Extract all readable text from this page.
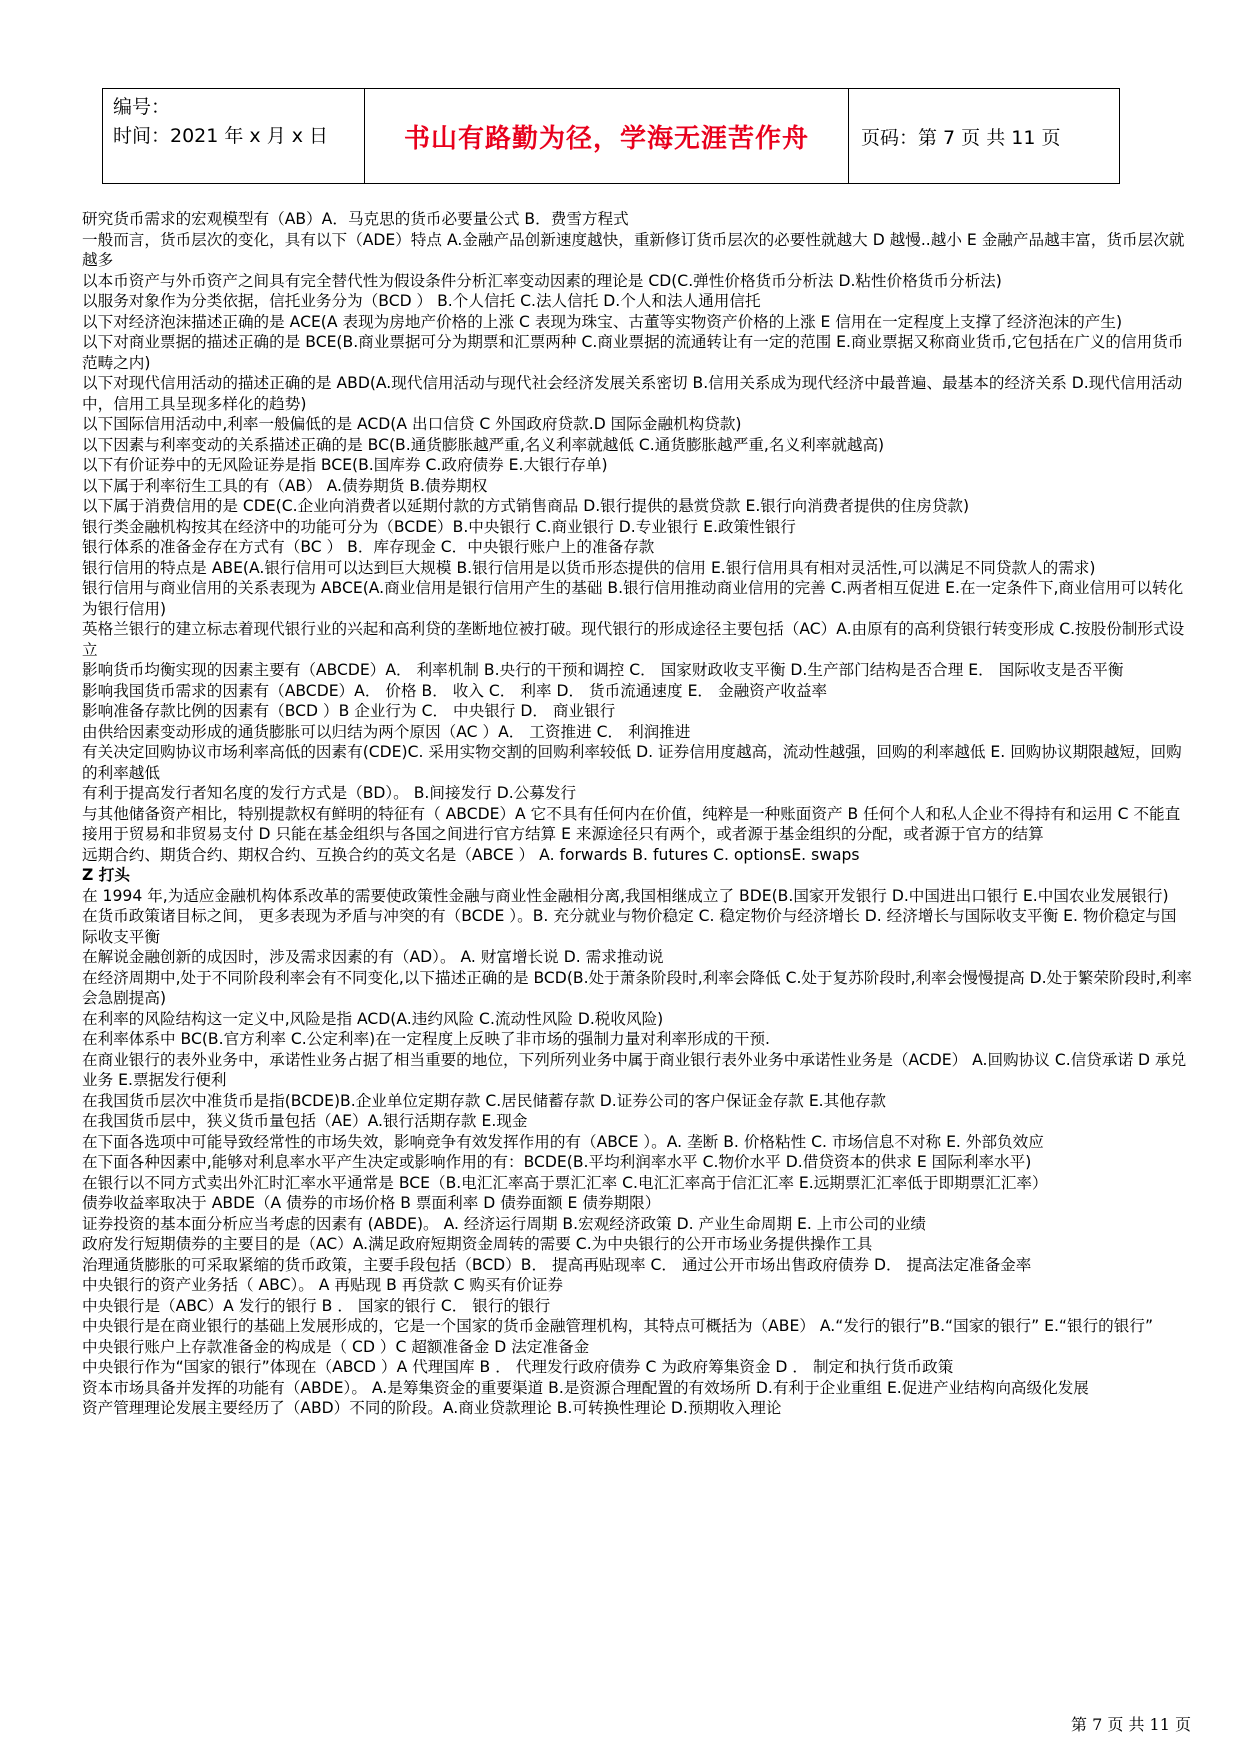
编号：
时间：2021 年 x 月 x 日	书山有路勤为径，学海无涯苦作舟	页码：第 7 页 共 11 页

研究货币需求的宏观模型有（AB）A．马克思的货币必要量公式 B．费雪方程式

一般而言，货币层次的变化，具有以下（ADE）特点 A.金融产品创新速度越快，重新修订货币层次的必要性就越大 D 越慢..越小 E 金融产品越丰富，货币层次就越多

以本币资产与外币资产之间具有完全替代性为假设条件分析汇率变动因素的理论是 CD(C.弹性价格货币分析法 D.粘性价格货币分析法)

以服务对象作为分类依据，信托业务分为（BCD ） B.个人信托 C.法人信托 D.个人和法人通用信托

以下对经济泡沫描述正确的是 ACE(A 表现为房地产价格的上涨 C 表现为珠宝、古董等实物资产价格的上涨 E 信用在一定程度上支撑了经济泡沫的产生)

以下对商业票据的描述正确的是 BCE(B.商业票据可分为期票和汇票两种 C.商业票据的流通转让有一定的范围 E.商业票据又称商业货币,它包括在广义的信用货币范畴之内)

以下对现代信用活动的描述正确的是 ABD(A.现代信用活动与现代社会经济发展关系密切 B.信用关系成为现代经济中最普遍、最基本的经济关系 D.现代信用活动中，信用工具呈现多样化的趋势)

以下国际信用活动中,利率一般偏低的是 ACD(A 出口信贷 C 外国政府贷款.D 国际金融机构贷款)

以下因素与利率变动的关系描述正确的是 BC(B.通货膨胀越严重,名义利率就越低 C.通货膨胀越严重,名义利率就越高)

以下有价证券中的无风险证券是指 BCE(B.国库券 C.政府债券 E.大银行存单)

以下属于利率衍生工具的有（AB） A.债券期货 B.债券期权

以下属于消费信用的是 CDE(C.企业向消费者以延期付款的方式销售商品 D.银行提供的悬赏贷款 E.银行向消费者提供的住房贷款)

银行类金融机构按其在经济中的功能可分为（BCDE）B.中央银行 C.商业银行 D.专业银行 E.政策性银行

银行体系的准备金存在方式有（BC ） B．库存现金 C．中央银行账户上的准备存款

银行信用的特点是 ABE(A.银行信用可以达到巨大规模 B.银行信用是以货币形态提供的信用 E.银行信用具有相对灵活性,可以满足不同贷款人的需求)

银行信用与商业信用的关系表现为 ABCE(A.商业信用是银行信用产生的基础 B.银行信用推动商业信用的完善 C.两者相互促进 E.在一定条件下,商业信用可以转化为银行信用)

英格兰银行的建立标志着现代银行业的兴起和高利贷的垄断地位被打破。现代银行的形成途径主要包括（AC）A.由原有的高利贷银行转变形成 C.按股份制形式设立

影响货币均衡实现的因素主要有（ABCDE）A． 利率机制 B.央行的干预和调控 C． 国家财政收支平衡 D.生产部门结构是否合理 E． 国际收支是否平衡

影响我国货币需求的因素有（ABCDE）A． 价格 B． 收入 C． 利率 D． 货币流通速度 E． 金融资产收益率

影响准备存款比例的因素有（BCD ）B 企业行为 C． 中央银行 D． 商业银行

由供给因素变动形成的通货膨胀可以归结为两个原因（AC ）A． 工资推进 C． 利润推进

有关决定回购协议市场利率高低的因素有(CDE)C. 采用实物交割的回购利率较低 D. 证券信用度越高，流动性越强，回购的利率越低 E. 回购协议期限越短，回购的利率越低

有利于提高发行者知名度的发行方式是（BD）。 B.间接发行 D.公募发行

与其他储备资产相比，特别提款权有鲜明的特征有（ ABCDE）A 它不具有任何内在价值，纯粹是一种账面资产 B 任何个人和私人企业不得持有和运用 C 不能直接用于贸易和非贸易支付 D 只能在基金组织与各国之间进行官方结算 E 来源途径只有两个，或者源于基金组织的分配，或者源于官方的结算

远期合约、期货合约、期权合约、互换合约的英文名是（ABCE ） A. forwards B. futures C. optionsE. swaps

Z 打头

在 1994 年,为适应金融机构体系改革的需要使政策性金融与商业性金融相分离,我国相继成立了 BDE(B.国家开发银行 D.中国进出口银行 E.中国农业发展银行)

在货币政策诸目标之间， 更多表现为矛盾与冲突的有（BCDE ）。B. 充分就业与物价稳定 C. 稳定物价与经济增长 D. 经济增长与国际收支平衡 E. 物价稳定与国际收支平衡

在解说金融创新的成因时，涉及需求因素的有（AD）。 A. 财富增长说 D. 需求推动说

在经济周期中,处于不同阶段利率会有不同变化,以下描述正确的是 BCD(B.处于萧条阶段时,利率会降低 C.处于复苏阶段时,利率会慢慢提高 D.处于繁荣阶段时,利率会急剧提高)

在利率的风险结构这一定义中,风险是指 ACD(A.违约风险 C.流动性风险 D.税收风险)

在利率体系中 BC(B.官方利率 C.公定利率)在一定程度上反映了非市场的强制力量对利率形成的干预.

在商业银行的表外业务中，承诺性业务占据了相当重要的地位，下列所列业务中属于商业银行表外业务中承诺性业务是（ACDE） A.回购协议 C.信贷承诺 D 承兑业务 E.票据发行便利

在我国货币层次中准货币是指(BCDE)B.企业单位定期存款 C.居民储蓄存款 D.证券公司的客户保证金存款 E.其他存款

在我国货币层中，狭义货币量包括（AE）A.银行活期存款 E.现金

在下面各选项中可能导致经常性的市场失效，影响竞争有效发挥作用的有（ABCE ）。A. 垄断 B. 价格粘性 C. 市场信息不对称 E. 外部负效应

在下面各种因素中,能够对利息率水平产生决定或影响作用的有：BCDE(B.平均利润率水平 C.物价水平 D.借贷资本的供求 E 国际利率水平)

在银行以不同方式卖出外汇时汇率水平通常是 BCE（B.电汇汇率高于票汇汇率 C.电汇汇率高于信汇汇率 E.远期票汇汇率低于即期票汇汇率）

债券收益率取决于 ABDE（A 债券的市场价格 B 票面利率 D 债券面额 E 债券期限）

证券投资的基本面分析应当考虑的因素有 (ABDE)。 A. 经济运行周期 B.宏观经济政策 D. 产业生命周期 E. 上市公司的业绩

政府发行短期债券的主要目的是（AC）A.满足政府短期资金周转的需要 C.为中央银行的公开市场业务提供操作工具

治理通货膨胀的可采取紧缩的货币政策，主要手段包括（BCD）B． 提高再贴现率 C． 通过公开市场出售政府债券 D． 提高法定准备金率

中央银行的资产业务括（ ABC）。 A 再贴现 B 再贷款 C 购买有价证券

中央银行是（ABC）A 发行的银行 B ． 国家的银行 C． 银行的银行

中央银行是在商业银行的基础上发展形成的，它是一个国家的货币金融管理机构，其特点可概括为（ABE） A.“发行的银行”B.“国家的银行” E.“银行的银行”

中央银行账户上存款准备金的构成是（ CD ）C 超额准备金 D 法定准备金

中央银行作为“国家的银行”体现在（ABCD ）A 代理国库 B ． 代理发行政府债券 C 为政府筹集资金 D ． 制定和执行货币政策

资本市场具备并发挥的功能有（ABDE）。 A.是筹集资金的重要渠道 B.是资源合理配置的有效场所 D.有利于企业重组 E.促进产业结构向高级化发展

资产管理理论发展主要经历了（ABD）不同的阶段。A.商业贷款理论 B.可转换性理论 D.预期收入理论

第 7 页 共 11 页
